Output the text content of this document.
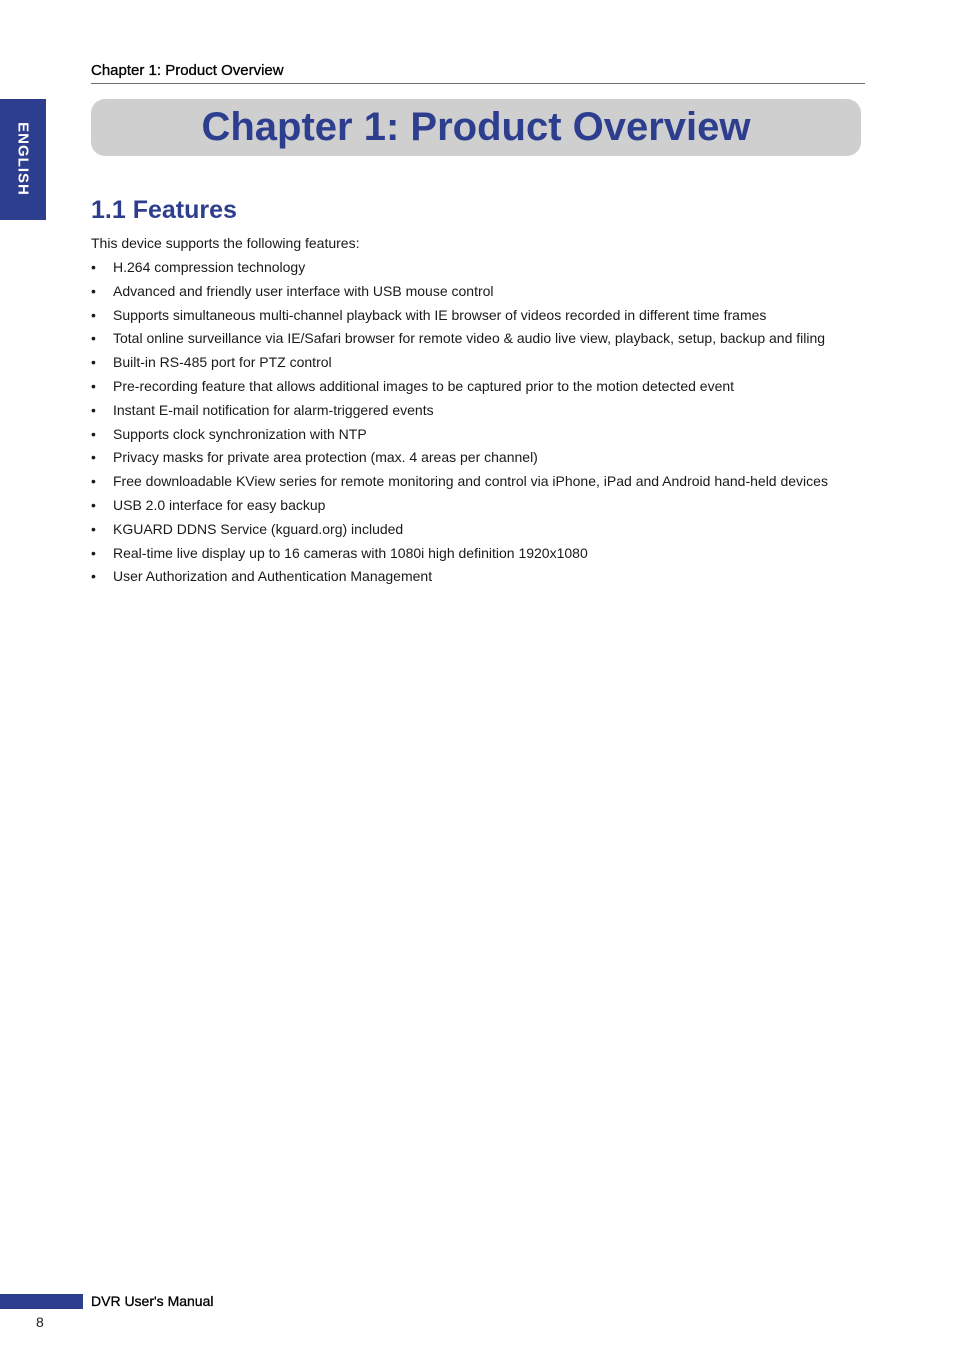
Chapter 1: Product Overview
ENGLISH	Chapter 1: Product Overview
1.1 Features
This device supports the following features:
• H.264 compression technology
• Advanced and friendly user interface with USB mouse control
• Supports simultaneous multi-channel playback with IE browser of videos recorded in different time frames
• Total online surveillance via IE/Safari browser for remote video & audio live view, playback, setup, backup and filing
• Built-in RS-485 port for PTZ control
• Pre-recording feature that allows additional images to be captured prior to the motion detected event
• Instant E-mail notification for alarm-triggered events
• Supports clock synchronization with NTP
• Privacy masks for private area protection (max. 4 areas per channel)
• Free downloadable KView series for remote monitoring and control via iPhone, iPad and Android hand-held devices
• USB 2.0 interface for easy backup
• KGUARD DDNS Service (kguard.org) included
• Real-time live display up to 16 cameras with 1080i high definition 1920x1080
• User Authorization and Authentication Management
DVR User's Manual
8
